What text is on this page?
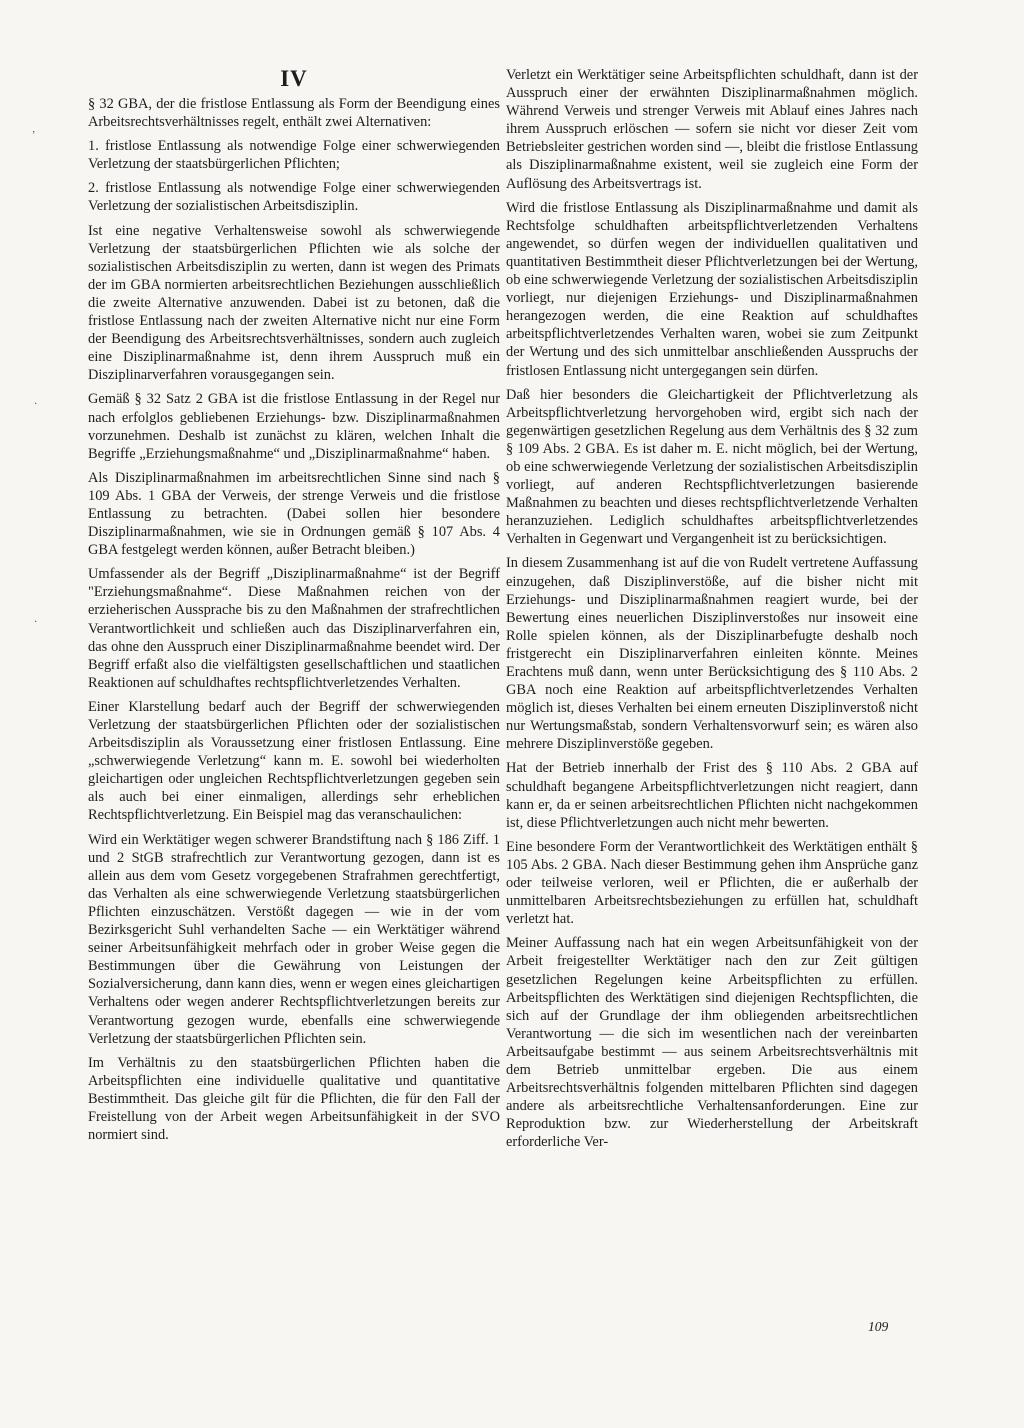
‚
․
․
IV

§ 32 GBA, der die fristlose Entlassung als Form der Beendigung eines Arbeitsrechtsverhältnisses regelt, enthält zwei Alternativen:

1. fristlose Entlassung als notwendige Folge einer schwerwiegenden Verletzung der staatsbürgerlichen Pflichten;

2. fristlose Entlassung als notwendige Folge einer schwerwiegenden Verletzung der sozialistischen Arbeitsdisziplin.

Ist eine negative Verhaltensweise sowohl als schwerwiegende Verletzung der staatsbürgerlichen Pflichten wie als solche der sozialistischen Arbeitsdisziplin zu werten, dann ist wegen des Primats der im GBA normierten arbeitsrechtlichen Beziehungen ausschließlich die zweite Alternative anzuwenden. Dabei ist zu betonen, daß die fristlose Entlassung nach der zweiten Alternative nicht nur eine Form der Beendigung des Arbeitsrechtsverhältnisses, sondern auch zugleich eine Disziplinarmaßnahme ist, denn ihrem Ausspruch muß ein Disziplinarverfahren vorausgegangen sein.

Gemäß § 32 Satz 2 GBA ist die fristlose Entlassung in der Regel nur nach erfolglos gebliebenen Erziehungs- bzw. Disziplinarmaßnahmen vorzunehmen. Deshalb ist zunächst zu klären, welchen Inhalt die Begriffe „Erziehungsmaßnahme“ und „Disziplinarmaßnahme“ haben.

Als Disziplinarmaßnahmen im arbeitsrechtlichen Sinne sind nach § 109 Abs. 1 GBA der Verweis, der strenge Verweis und die fristlose Entlassung zu betrachten. (Dabei sollen hier besondere Disziplinarmaßnahmen, wie sie in Ordnungen gemäß § 107 Abs. 4 GBA festgelegt werden können, außer Betracht bleiben.)

Umfassender als der Begriff „Disziplinarmaßnahme“ ist der Begriff "Erziehungsmaßnahme“. Diese Maßnahmen reichen von der erzieherischen Aussprache bis zu den Maßnahmen der strafrechtlichen Verantwortlichkeit und schließen auch das Disziplinarverfahren ein, das ohne den Ausspruch einer Disziplinarmaßnahme beendet wird. Der Begriff erfaßt also die vielfältigsten gesellschaftlichen und staatlichen Reaktionen auf schuldhaftes rechtspflichtverletzendes Verhalten.

Einer Klarstellung bedarf auch der Begriff der schwerwiegenden Verletzung der staatsbürgerlichen Pflichten oder der sozialistischen Arbeitsdisziplin als Voraussetzung einer fristlosen Entlassung. Eine „schwerwiegende Verletzung“ kann m. E. sowohl bei wiederholten gleichartigen oder ungleichen Rechtspflichtverletzungen gegeben sein als auch bei einer einmaligen, allerdings sehr erheblichen Rechtspflichtverletzung. Ein Beispiel mag das veranschaulichen:

Wird ein Werktätiger wegen schwerer Brandstiftung nach § 186 Ziff. 1 und 2 StGB strafrechtlich zur Verantwortung gezogen, dann ist es allein aus dem vom Gesetz vorgegebenen Strafrahmen gerechtfertigt, das Verhalten als eine schwerwiegende Verletzung staatsbürgerlichen Pflichten einzuschätzen. Verstößt dagegen — wie in der vom Bezirksgericht Suhl verhandelten Sache — ein Werktätiger während seiner Arbeitsunfähigkeit mehrfach oder in grober Weise gegen die Bestimmungen über die Gewährung von Leistungen der Sozialversicherung, dann kann dies, wenn er wegen eines gleichartigen Verhaltens oder wegen anderer Rechtspflichtverletzungen bereits zur Verantwortung gezogen wurde, ebenfalls eine schwerwiegende Verletzung der staatsbürgerlichen Pflichten sein.

Im Verhältnis zu den staatsbürgerlichen Pflichten haben die Arbeitspflichten eine individuelle qualitative und quantitative Bestimmtheit. Das gleiche gilt für die Pflichten, die für den Fall der Freistellung von der Arbeit wegen Arbeitsunfähigkeit in der SVO normiert sind.

Verletzt ein Werktätiger seine Arbeitspflichten schuldhaft, dann ist der Ausspruch einer der erwähnten Disziplinarmaßnahmen möglich. Während Verweis und strenger Verweis mit Ablauf eines Jahres nach ihrem Ausspruch erlöschen — sofern sie nicht vor dieser Zeit vom Betriebsleiter gestrichen worden sind —, bleibt die fristlose Entlassung als Disziplinarmaßnahme existent, weil sie zugleich eine Form der Auflösung des Arbeitsvertrags ist.

Wird die fristlose Entlassung als Disziplinarmaßnahme und damit als Rechtsfolge schuldhaften arbeitspflichtverletzenden Verhaltens angewendet, so dürfen wegen der individuellen qualitativen und quantitativen Bestimmtheit dieser Pflichtverletzungen bei der Wertung, ob eine schwerwiegende Verletzung der sozialistischen Arbeitsdisziplin vorliegt, nur diejenigen Erziehungs- und Disziplinarmaßnahmen herangezogen werden, die eine Reaktion auf schuldhaftes arbeitspflichtverletzendes Verhalten waren, wobei sie zum Zeitpunkt der Wertung und des sich unmittelbar anschließenden Ausspruchs der fristlosen Entlassung nicht untergegangen sein dürfen.

Daß hier besonders die Gleichartigkeit der Pflichtverletzung als Arbeitspflichtverletzung hervorgehoben wird, ergibt sich nach der gegenwärtigen gesetzlichen Regelung aus dem Verhältnis des § 32 zum § 109 Abs. 2 GBA. Es ist daher m. E. nicht möglich, bei der Wertung, ob eine schwerwiegende Verletzung der sozialistischen Arbeitsdisziplin vorliegt, auf anderen Rechtspflichtverletzungen basierende Maßnahmen zu beachten und dieses rechtspflichtverletzende Verhalten heranzuziehen. Lediglich schuldhaftes arbeitspflichtverletzendes Verhalten in Gegenwart und Vergangenheit ist zu berücksichtigen.

In diesem Zusammenhang ist auf die von Rudelt vertretene Auffassung einzugehen, daß Disziplinverstöße, auf die bisher nicht mit Erziehungs- und Disziplinarmaßnahmen reagiert wurde, bei der Bewertung eines neuerlichen Disziplinverstoßes nur insoweit eine Rolle spielen können, als der Disziplinarbefugte deshalb noch fristgerecht ein Disziplinarverfahren einleiten könnte. Meines Erachtens muß dann, wenn unter Berücksichtigung des § 110 Abs. 2 GBA noch eine Reaktion auf arbeitspflichtverletzendes Verhalten möglich ist, dieses Verhalten bei einem erneuten Disziplinverstoß nicht nur Wertungsmaßstab, sondern Verhaltensvorwurf sein; es wären also mehrere Disziplinverstöße gegeben.

Hat der Betrieb innerhalb der Frist des § 110 Abs. 2 GBA auf schuldhaft begangene Arbeitspflichtverletzungen nicht reagiert, dann kann er, da er seinen arbeitsrechtlichen Pflichten nicht nachgekommen ist, diese Pflichtverletzungen auch nicht mehr bewerten.

Eine besondere Form der Verantwortlichkeit des Werktätigen enthält § 105 Abs. 2 GBA. Nach dieser Bestimmung gehen ihm Ansprüche ganz oder teilweise verloren, weil er Pflichten, die er außerhalb der unmittelbaren Arbeitsrechtsbeziehungen zu erfüllen hat, schuldhaft verletzt hat.

Meiner Auffassung nach hat ein wegen Arbeitsunfähigkeit von der Arbeit freigestellter Werktätiger nach den zur Zeit gültigen gesetzlichen Regelungen keine Arbeitspflichten zu erfüllen. Arbeitspflichten des Werktätigen sind diejenigen Rechtspflichten, die sich auf der Grundlage der ihm obliegenden arbeitsrechtlichen Verantwortung — die sich im wesentlichen nach der vereinbarten Arbeitsaufgabe bestimmt — aus seinem Arbeitsrechtsverhältnis mit dem Betrieb unmittelbar ergeben. Die aus einem Arbeitsrechtsverhältnis folgenden mittelbaren Pflichten sind dagegen andere als arbeitsrechtliche Verhaltensanforderungen. Eine zur Reproduktion bzw. zur Wiederherstellung der Arbeitskraft erforderliche Ver-

109
